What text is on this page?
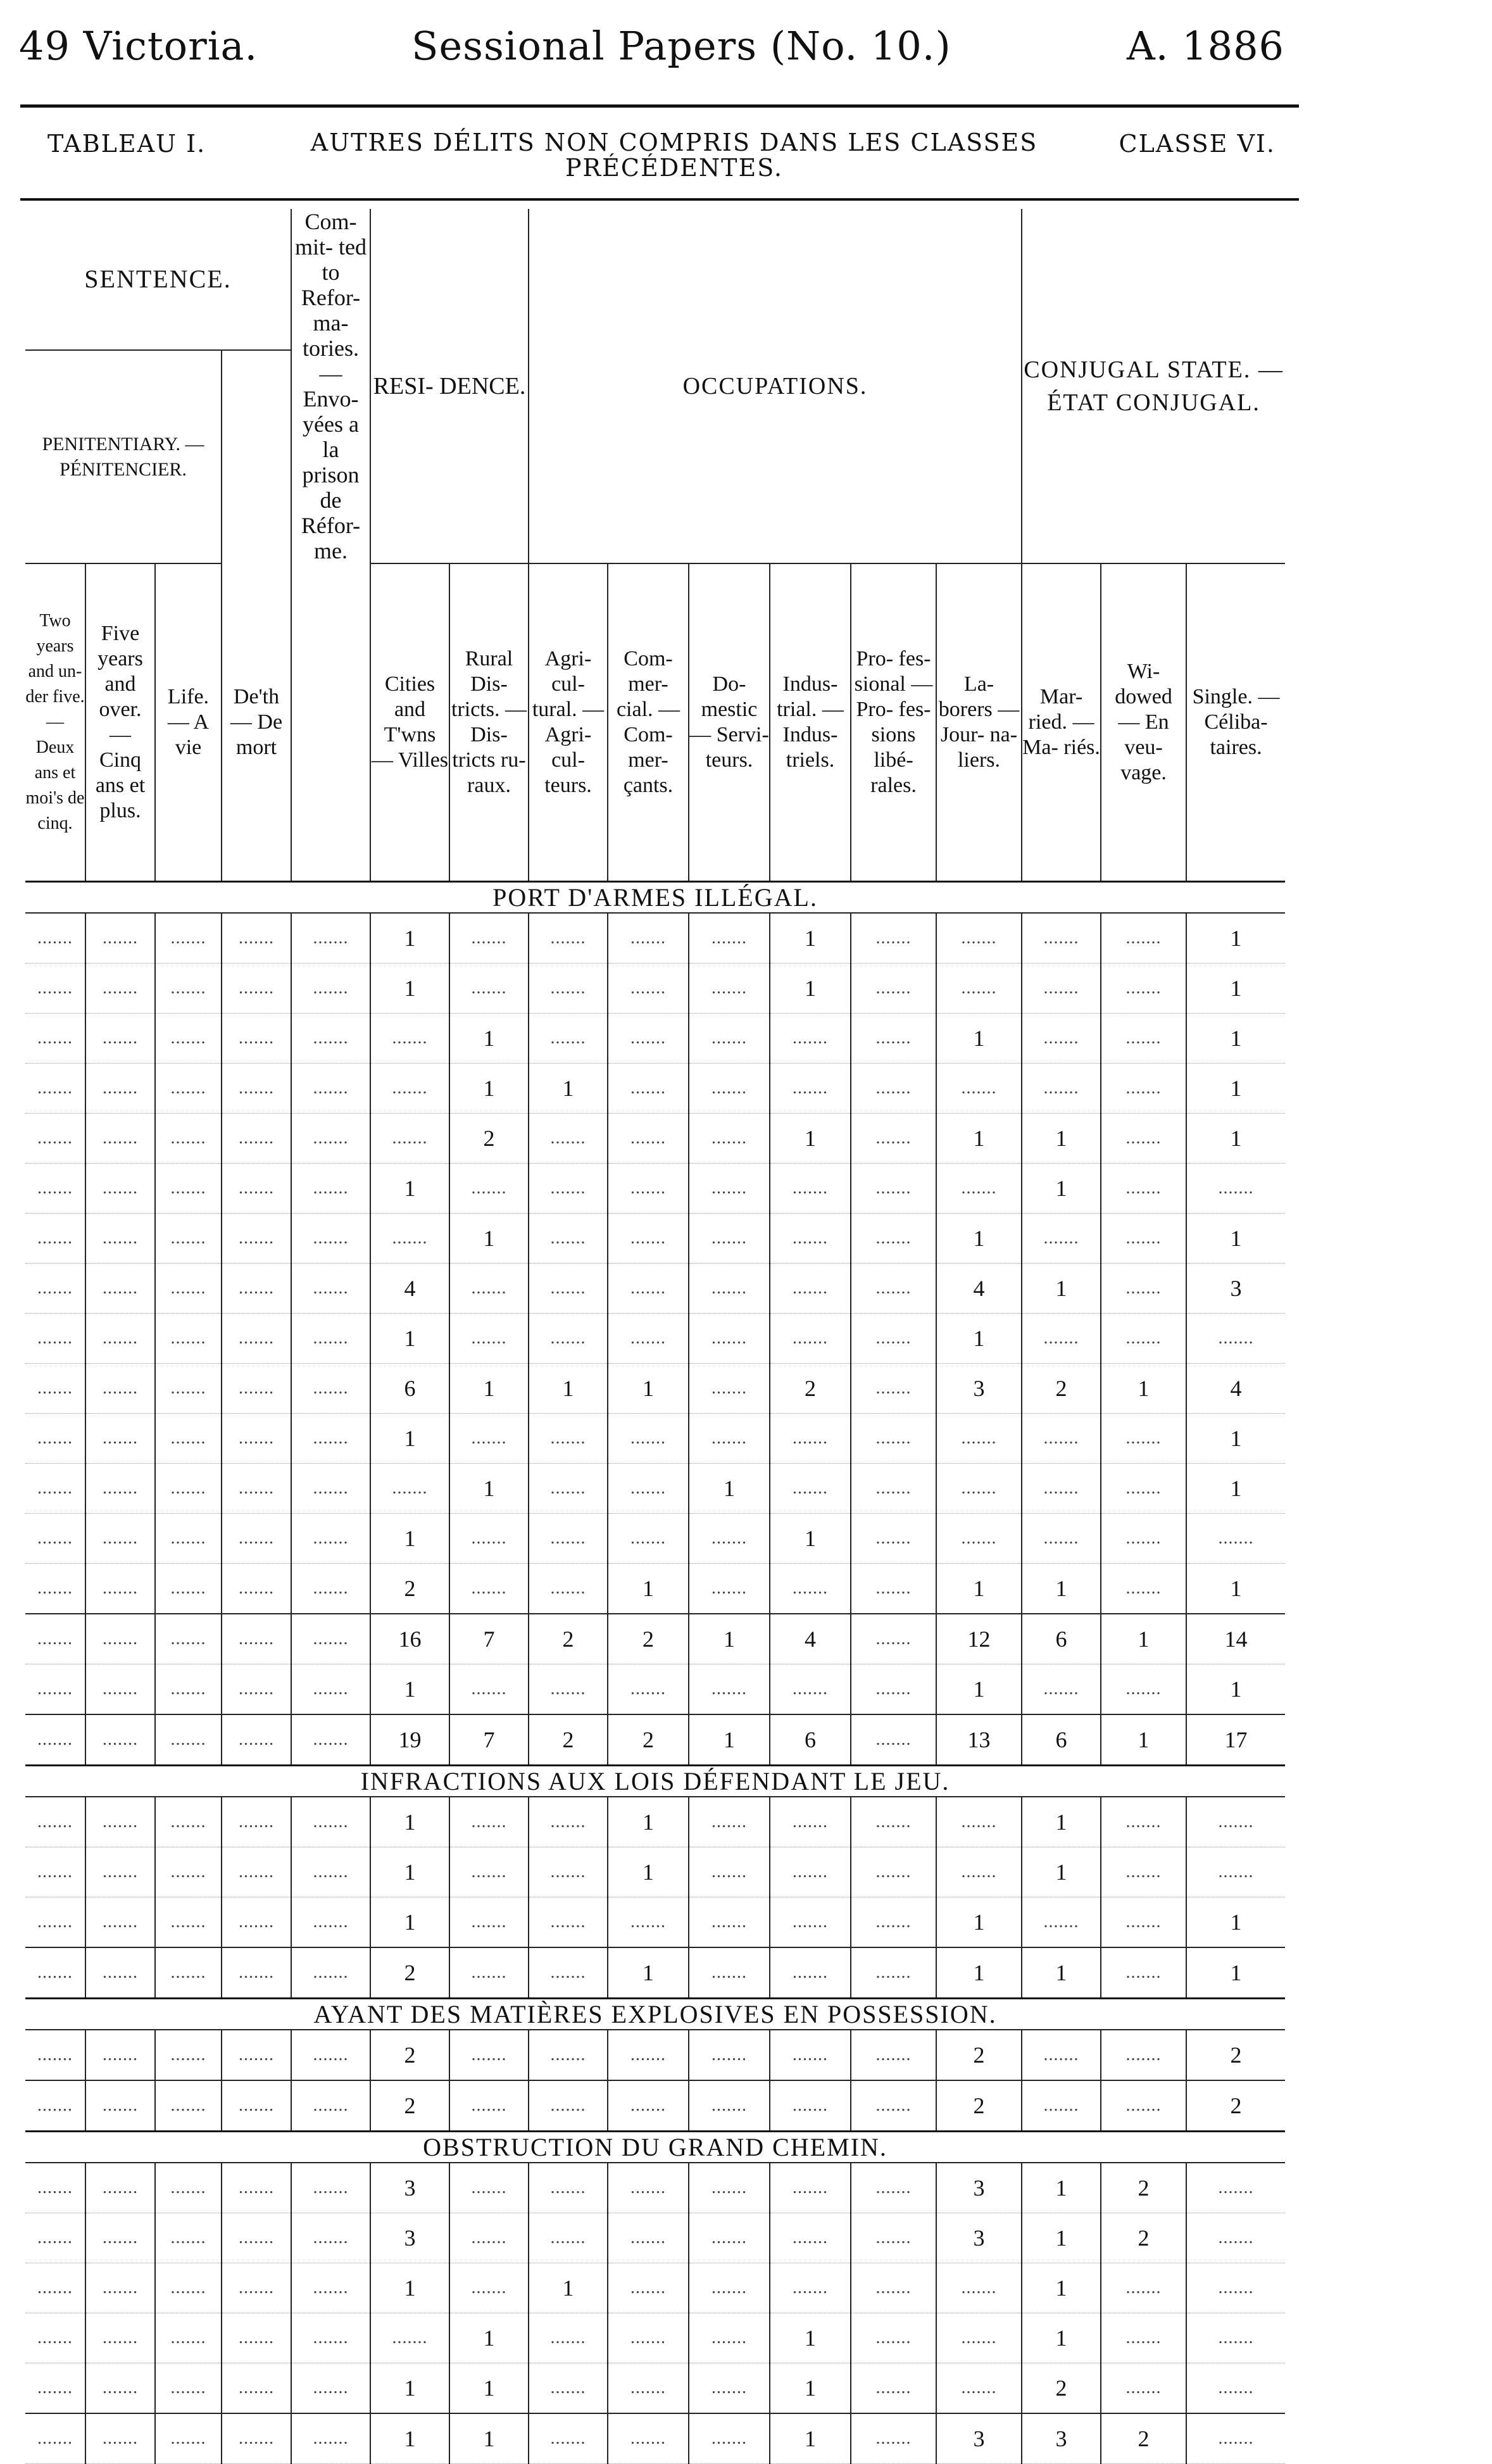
49 Victoria.	Sessional Papers (No. 10.)	A. 1886
TABLEAU I.	AUTRES DÉLITS NON COMPRIS DANS LES CLASSES
PRÉCÉDENTES.
CLASSE VI.
SENTENCE.				Com- mit- ted to Refor- ma- tories. — Envo- yées a la prison de Réfor- me.	RESI- DENCE.		OCCUPATIONS.						CONJUGAL STATE. — ÉTAT CONJUGAL.		
PENITENTIARY. — PÉNITENCIER.															
Two years and un- der five. — Deux ans et moi's de cinq.	Five years and over. — Cinq ans et plus.	Life. — A vie	De'th — De mort		Cities and T'wns — Villes	Rural Dis- tricts. — Dis- tricts ru- raux.	Agri- cul- tural. — Agri- cul- teurs.	Com- mer- cial. — Com- mer- çants.	Do- mestic — Servi- teurs.	Indus- trial. — Indus- triels.	Pro- fes- sional — Pro- fes- sions libé- rales.	La- borers — Jour- na- liers.	Mar- ried. — Ma- riés.	Wi- dowed — En veu- vage.	Single. — Céliba- taires.
PORT D'ARMES ILLÉGAL.															
.......	.......	.......	.......	.......	1	.......	.......	.......	.......	1	.......	.......	.......	.......	1
.......	.......	.......	.......	.......	1	.......	.......	.......	.......	1	.......	.......	.......	.......	1
.......	.......	.......	.......	.......	.......	1	.......	.......	.......	.......	.......	1	.......	.......	1
.......	.......	.......	.......	.......	.......	1	1	.......	.......	.......	.......	.......	.......	.......	1
.......	.......	.......	.......	.......	.......	2	.......	.......	.......	1	.......	1	1	.......	1
.......	.......	.......	.......	.......	1	.......	.......	.......	.......	.......	.......	.......	1	.......	.......
.......	.......	.......	.......	.......	.......	1	.......	.......	.......	.......	.......	1	.......	.......	1
.......	.......	.......	.......	.......	4	.......	.......	.......	.......	.......	.......	4	1	.......	3
.......	.......	.......	.......	.......	1	.......	.......	.......	.......	.......	.......	1	.......	.......	.......
.......	.......	.......	.......	.......	6	1	1	1	.......	2	.......	3	2	1	4
.......	.......	.......	.......	.......	1	.......	.......	.......	.......	.......	.......	.......	.......	.......	1
.......	.......	.......	.......	.......	.......	1	.......	.......	1	.......	.......	.......	.......	.......	1
.......	.......	.......	.......	.......	1	.......	.......	.......	.......	1	.......	.......	.......	.......	.......
.......	.......	.......	.......	.......	2	.......	.......	1	.......	.......	.......	1	1	.......	1
.......	.......	.......	.......	.......	16	7	2	2	1	4	.......	12	6	1	14
.......	.......	.......	.......	.......	1	.......	.......	.......	.......	.......	.......	1	.......	.......	1
.......	.......	.......	.......	.......	19	7	2	2	1	6	.......	13	6	1	17
INFRACTIONS AUX LOIS DÉFENDANT LE JEU.															
.......	.......	.......	.......	.......	1	.......	.......	1	.......	.......	.......	.......	1	.......	.......
.......	.......	.......	.......	.......	1	.......	.......	1	.......	.......	.......	.......	1	.......	.......
.......	.......	.......	.......	.......	1	.......	.......	.......	.......	.......	.......	1	.......	.......	1
.......	.......	.......	.......	.......	2	.......	.......	1	.......	.......	.......	1	1	.......	1
AYANT DES MATIÈRES EXPLOSIVES EN POSSESSION.															
.......	.......	.......	.......	.......	2	.......	.......	.......	.......	.......	.......	2	.......	.......	2
.......	.......	.......	.......	.......	2	.......	.......	.......	.......	.......	.......	2	.......	.......	2
OBSTRUCTION DU GRAND CHEMIN.															
.......	.......	.......	.......	.......	3	.......	.......	.......	.......	.......	.......	3	1	2	.......
.......	.......	.......	.......	.......	3	.......	.......	.......	.......	.......	.......	3	1	2	.......
.......	.......	.......	.......	.......	1	.......	1	.......	.......	.......	.......	.......	1	.......	.......
.......	.......	.......	.......	.......	.......	1	.......	.......	.......	1	.......	.......	1	.......	.......
.......	.......	.......	.......	.......	1	1	.......	.......	.......	1	.......	.......	2	.......	.......
.......	.......	.......	.......	.......	1	1	.......	.......	.......	1	.......	3	3	2	.......
